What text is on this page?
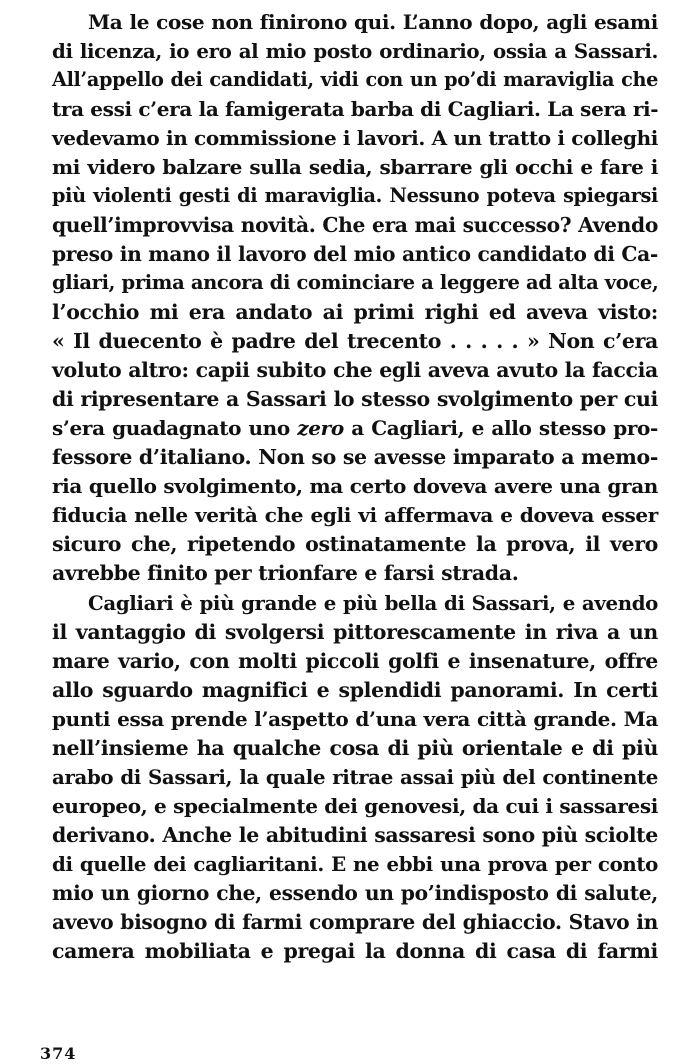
Ma le cose non finirono qui. L’anno dopo, agli esami
di licenza, io ero al mio posto ordinario, ossia a Sassari.
All’appello dei candidati, vidi con un po’di maraviglia che
tra essi c’era la famigerata barba di Cagliari. La sera ri-
vedevamo in commissione i lavori. A un tratto i colleghi
mi videro balzare sulla sedia, sbarrare gli occhi e fare i
più violenti gesti di maraviglia. Nessuno poteva spiegarsi
quell’improvvisa novità. Che era mai successo? Avendo
preso in mano il lavoro del mio antico candidato di Ca-
gliari, prima ancora di cominciare a leggere ad alta voce,
l’occhio mi era andato ai primi righi ed aveva visto:
« Il duecento è padre del trecento . . . . . » Non c’era
voluto altro: capii subito che egli aveva avuto la faccia
di ripresentare a Sassari lo stesso svolgimento per cui
s’era guadagnato uno zero a Cagliari, e allo stesso pro-
fessore d’italiano. Non so se avesse imparato a memo-
ria quello svolgimento, ma certo doveva avere una gran
fiducia nelle verità che egli vi affermava e doveva esser
sicuro che, ripetendo ostinatamente la prova, il vero
avrebbe finito per trionfare e farsi strada.
Cagliari è più grande e più bella di Sassari, e avendo
il vantaggio di svolgersi pittorescamente in riva a un
mare vario, con molti piccoli golfi e insenature, offre
allo sguardo magnifici e splendidi panorami. In certi
punti essa prende l’aspetto d’una vera città grande. Ma
nell’insieme ha qualche cosa di più orientale e di più
arabo di Sassari, la quale ritrae assai più del continente
europeo, e specialmente dei genovesi, da cui i sassaresi
derivano. Anche le abitudini sassaresi sono più sciolte
di quelle dei cagliaritani. E ne ebbi una prova per conto
mio un giorno che, essendo un po’indisposto di salute,
avevo bisogno di farmi comprare del ghiaccio. Stavo in
camera mobiliata e pregai la donna di casa di farmi
374
